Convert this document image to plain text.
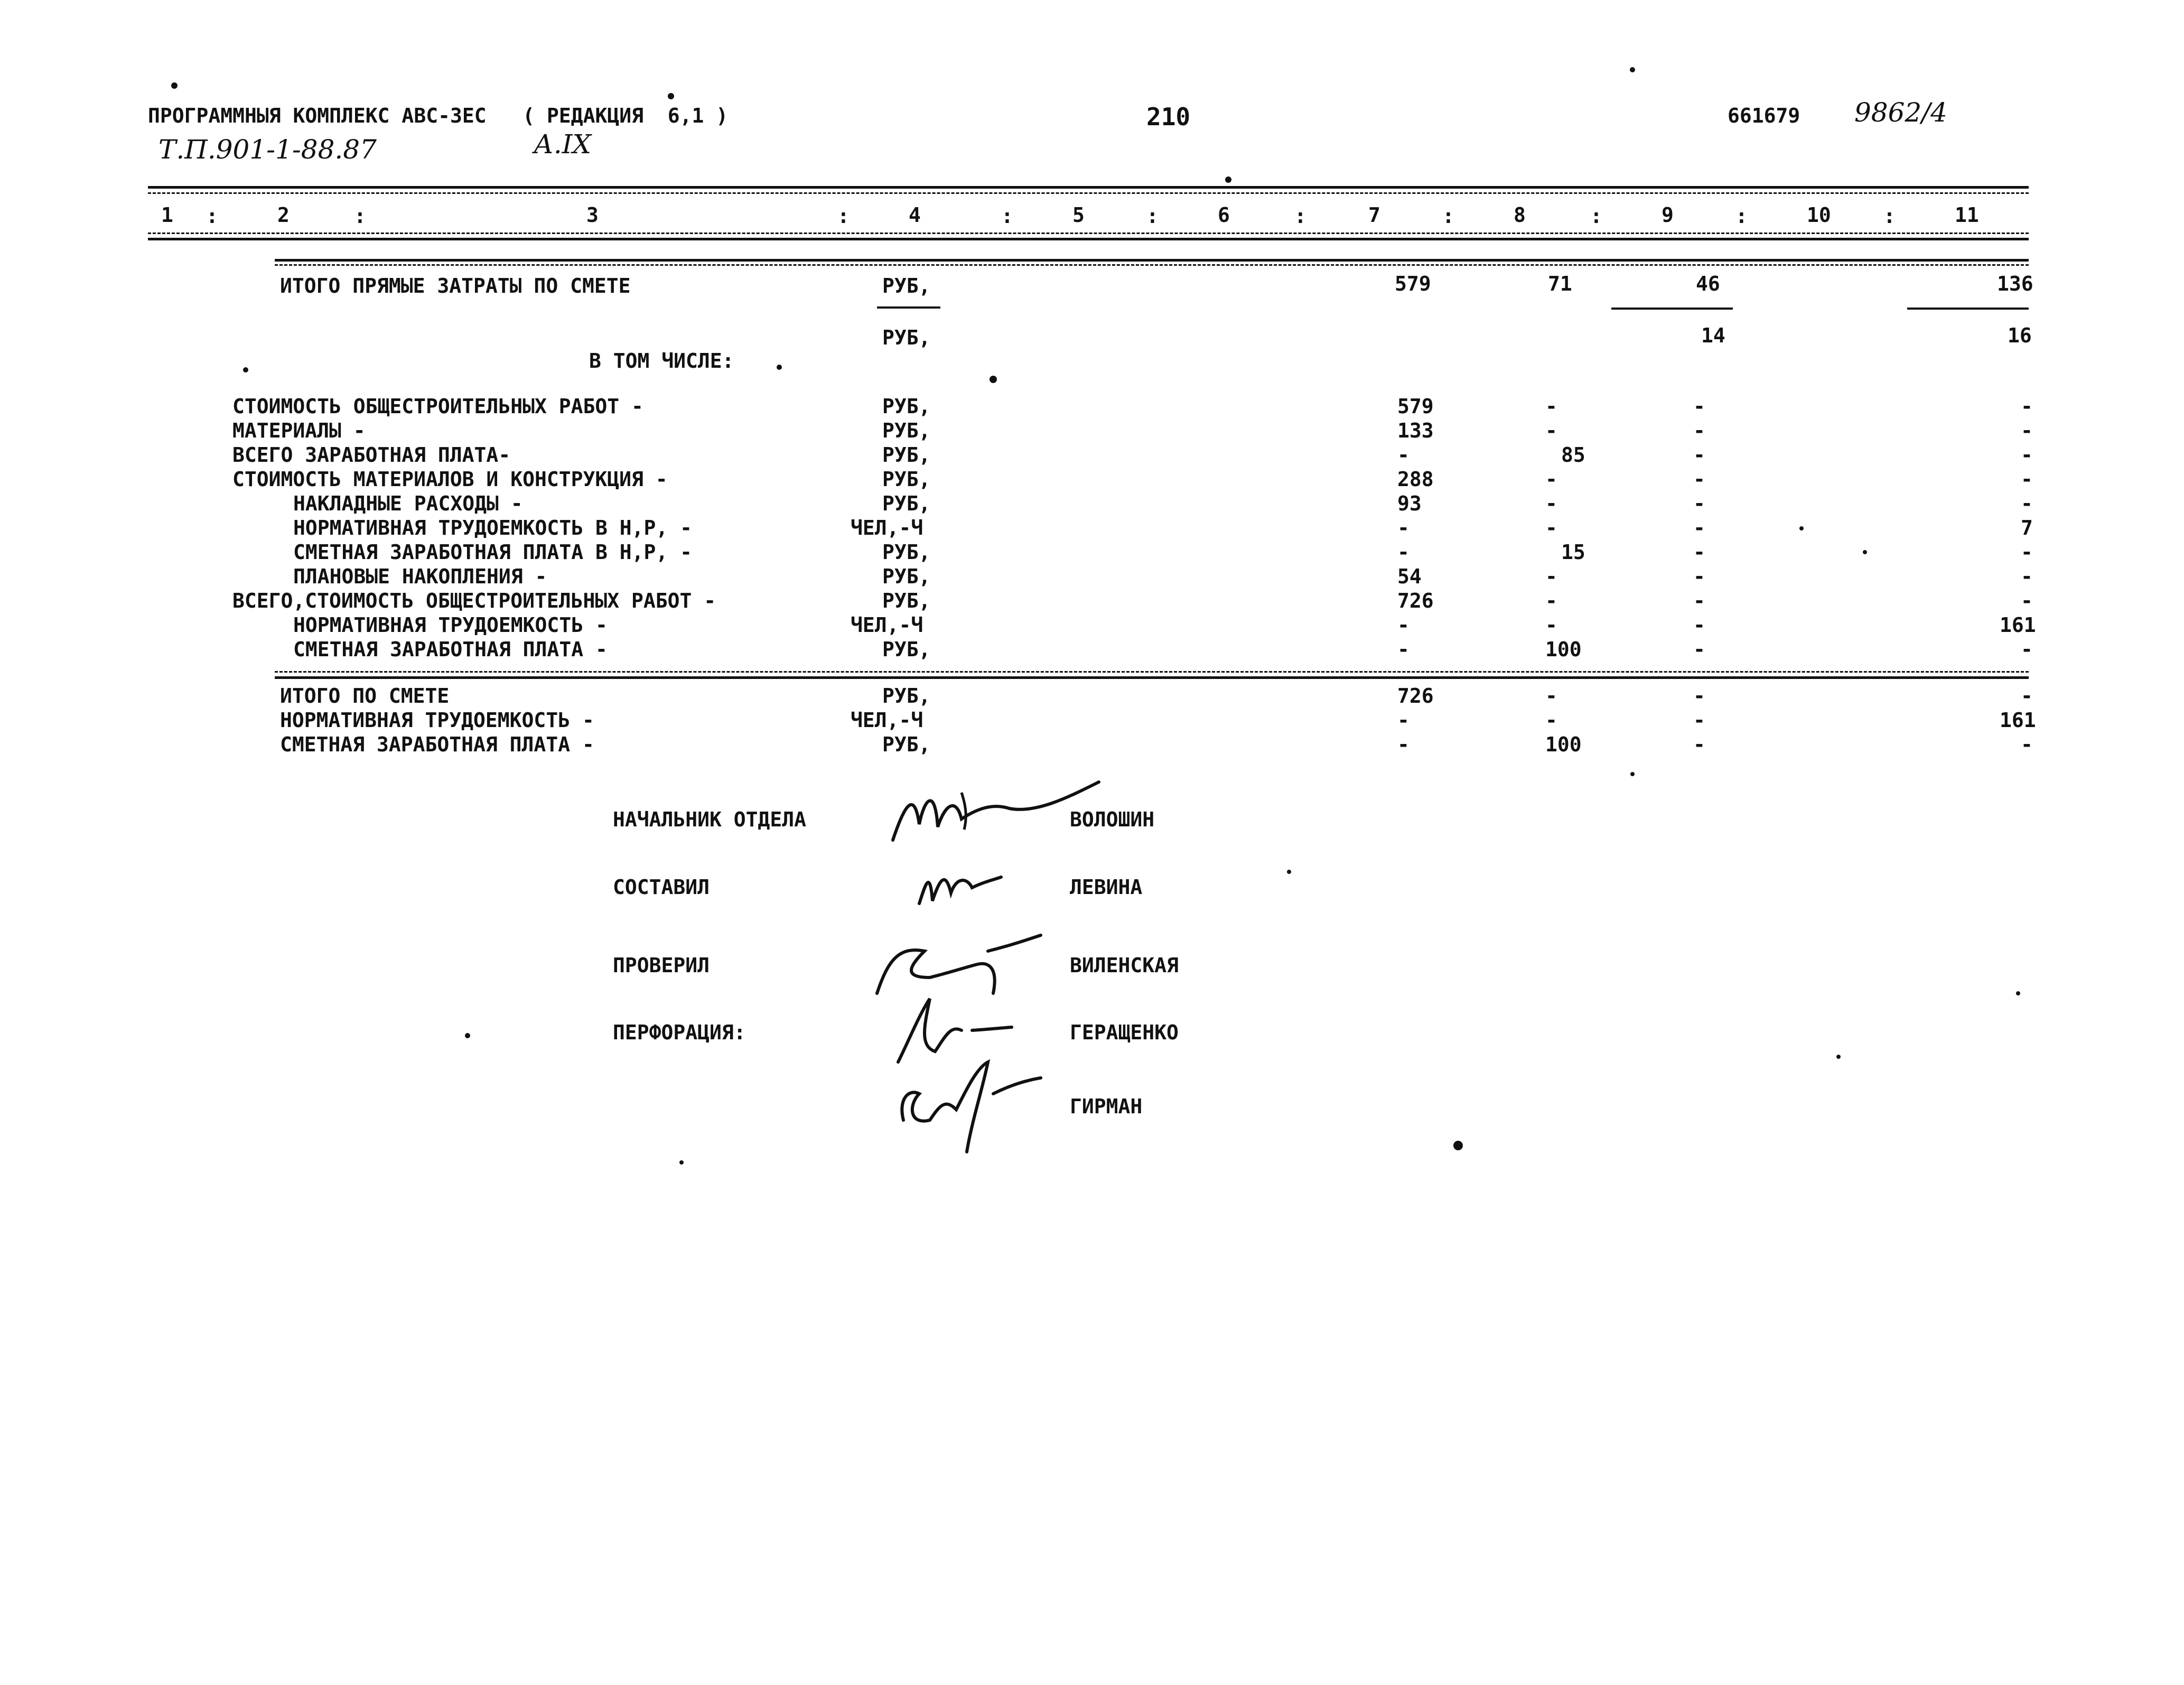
ПРОГРАММНЫЯ КОМПЛЕКС АВС-ЗЕС   ( РЕДАКЦИЯ  6,1 )	210	661679 9862/4
Т.П.901-1-88.87	А.IX
1	2	3	4	5	6	7	8	9	10	11
:	:	:	:	:	:	:	:	:	:
ИТОГО ПРЯМЫЕ ЗАТРАТЫ ПО СМЕТЕ	РУБ,	579	71	46	136
РУБ,	14	16
В ТОМ ЧИСЛЕ:
СТОИМОСТЬ ОБЩЕСТРОИТЕЛЬНЫХ РАБОТ -	РУБ,	579	-	-	-
МАТЕРИАЛЫ -	РУБ,	133	-	-	-
ВСЕГО ЗАРАБОТНАЯ ПЛАТА-	РУБ,	-	85	-	-
СТОИМОСТЬ МАТЕРИАЛОВ И КОНСТРУКЦИЯ -	РУБ,	288	-	-	-
НАКЛАДНЫЕ РАСХОДЫ -	РУБ,	93	-	-	-
НОРМАТИВНАЯ ТРУДОЕМКОСТЬ В Н,Р, -	ЧЕЛ,-Ч	-	-	-	7
СМЕТНАЯ ЗАРАБОТНАЯ ПЛАТА В Н,Р, -	РУБ,	-	15	-	-
ПЛАНОВЫЕ НАКОПЛЕНИЯ -	РУБ,	54	-	-	-
ВСЕГО,СТОИМОСТЬ ОБЩЕСТРОИТЕЛЬНЫХ РАБОТ -	РУБ,	726	-	-	-
НОРМАТИВНАЯ ТРУДОЕМКОСТЬ -	ЧЕЛ,-Ч	-	-	-	161
СМЕТНАЯ ЗАРАБОТНАЯ ПЛАТА -	РУБ,	-	100	-	-
ИТОГО ПО СМЕТЕ	РУБ,	726	-	-	-
НОРМАТИВНАЯ ТРУДОЕМКОСТЬ -	ЧЕЛ,-Ч	-	-	-	161
СМЕТНАЯ ЗАРАБОТНАЯ ПЛАТА -	РУБ,	-	100	-	-
НАЧАЛЬНИК ОТДЕЛА	ВОЛОШИН
СОСТАВИЛ	ЛЕВИНА
ПРОВЕРИЛ	ВИЛЕНСКАЯ
ПЕРФОРАЦИЯ:	ГЕРАЩЕНКО
ГИРМАН
